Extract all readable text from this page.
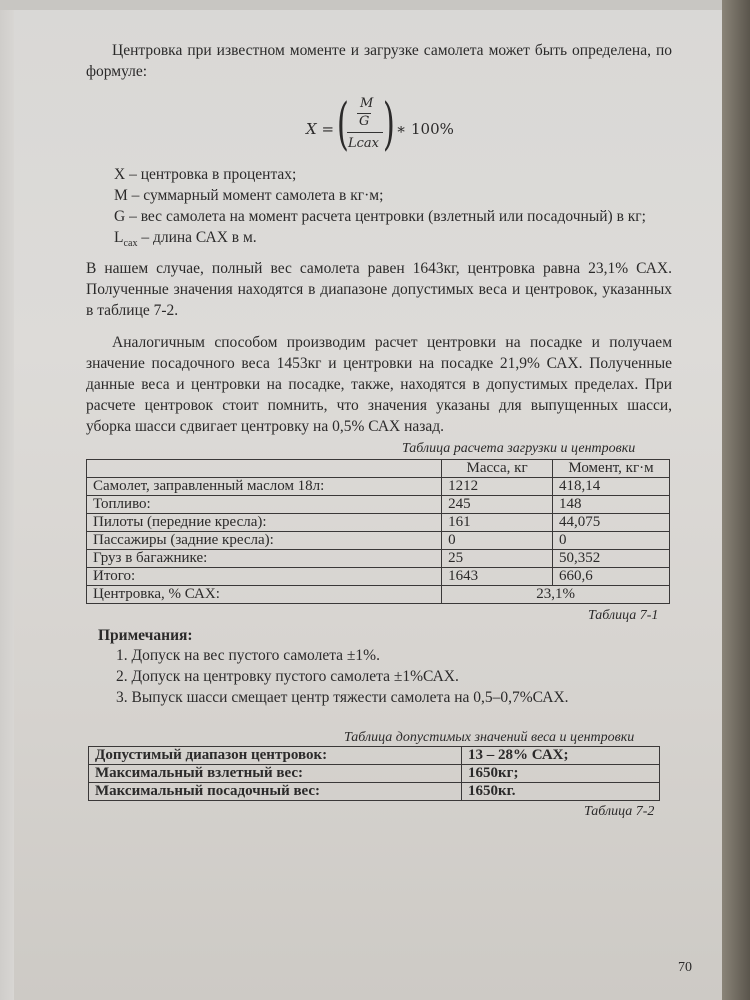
Центровка при известном моменте и загрузке самолета может быть определена, по формуле:
X = ( M
G
Lсах ) ∗ 100%
X – центровка в процентах;
M – суммарный момент самолета в кг·м;
G – вес самолета на момент расчета центровки (взлетный или посадочный) в кг;
$L_{сах}$ – длина САХ в м.
В нашем случае, полный вес самолета равен 1643кг, центровка равна 23,1% САХ. Полученные значения находятся в диапазоне допустимых веса и центровок, указанных в таблице 7-2.
Аналогичным способом производим расчет центровки на посадке и получаем значение посадочного веса 1453кг и центровки на посадке 21,9% САХ. Полученные данные веса и центровки на посадке, также, находятся в допустимых пределах. При расчете центровок стоит помнить, что значения указаны для выпущенных шасси, уборка шасси сдвигает центровку на 0,5% САХ назад.
Таблица расчета загрузки и центровки
	Масса, кг	Момент, кг·м
Самолет, заправленный маслом 18л:	1212	418,14
Топливо:	245	148
Пилоты (передние кресла):	161	44,075
Пассажиры (задние кресла):	0	0
Груз в багажнике:	25	50,352
Итого:	1643	660,6
Центровка, % САХ:	23,1%	
Таблица 7-1
Примечания:
1. Допуск на вес пустого самолета ±1%.
2. Допуск на центровку пустого самолета ±1%САХ.
3. Выпуск шасси смещает центр тяжести самолета на 0,5–0,7%САХ.
Таблица допустимых значений веса и центровки
Допустимый диапазон центровок:	13 – 28% САХ;
Максимальный взлетный вес:	1650кг;
Максимальный посадочный вес:	1650кг.
Таблица 7-2
70
